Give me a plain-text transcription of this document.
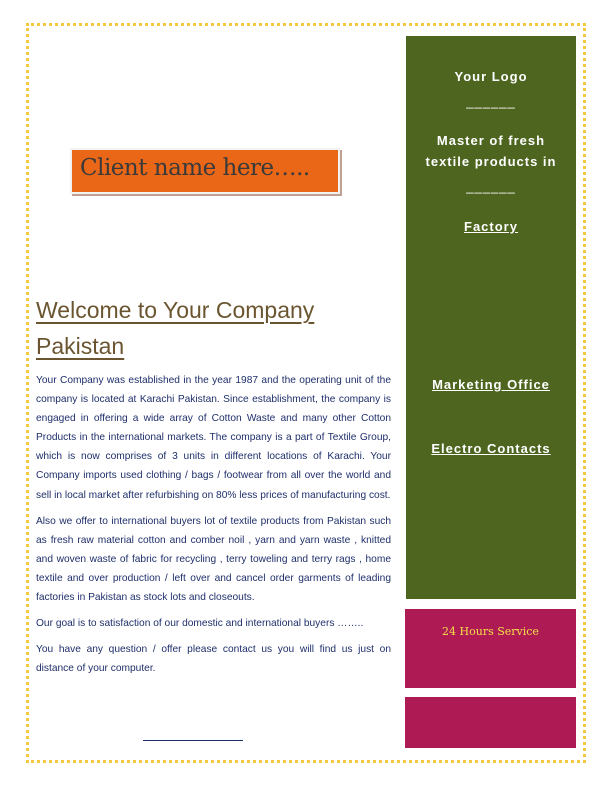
Client name here…..
Welcome to Your Company
Pakistan

Your Company was established in the year 1987 and the operating unit of the company is located at Karachi Pakistan. Since establishment, the company is engaged in offering a wide array of Cotton Waste and many other Cotton Products in the international markets. The company is a part of Textile Group, which is now comprises of 3 units in different locations of Karachi. Your Company imports used clothing / bags / footwear from all over the world and sell in local market after refurbishing on 80% less prices of manufacturing cost.

Also we offer to international buyers lot of textile products from Pakistan such as fresh raw material cotton and comber noil , yarn and yarn waste , knitted and woven waste of fabric for recycling , terry toweling and terry rags , home textile and over production / left over and cancel order garments of leading factories in Pakistan as stock lots and closeouts.

Our goal is to satisfaction of our domestic and international buyers ……..

You have any question / offer please contact us you will find us just on distance of your computer.

Your Logo
______
Master of fresh
textile products in
______
Factory
Marketing Office
Electro Contacts
24 Hours Service
